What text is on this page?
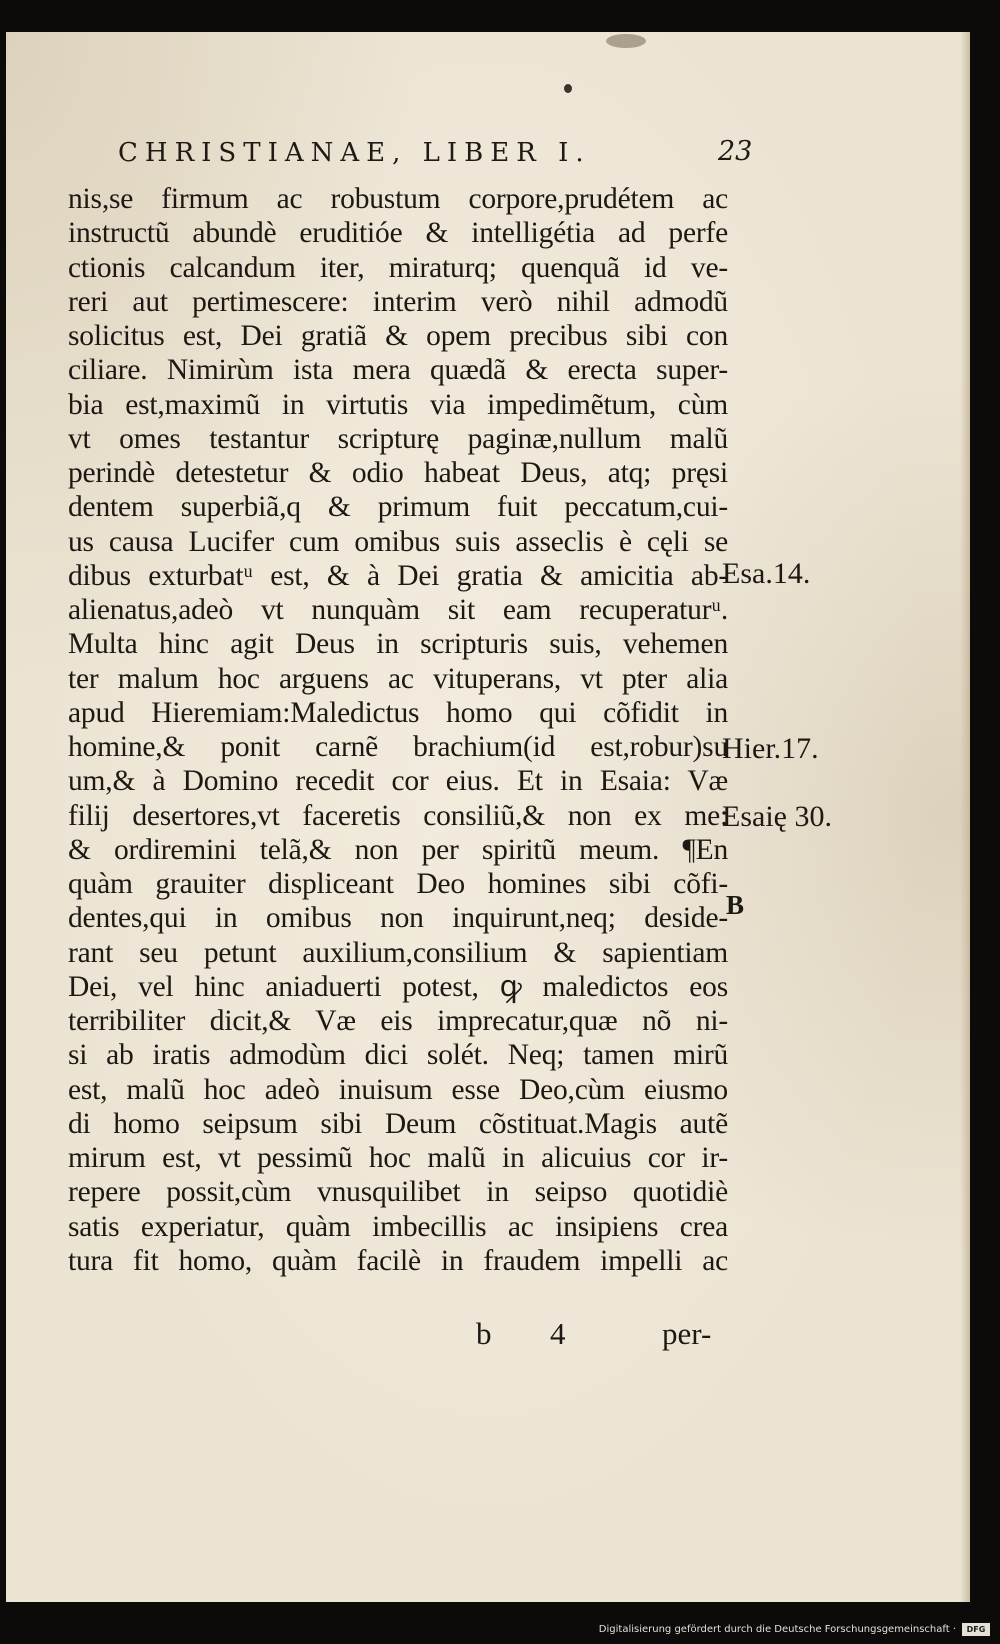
CHRISTIANAE, LIBER I.	23
nis,se firmum ac robustum corpore,prudétem ac
instructũ abundè eruditióe & intelligétia ad perfe
ctionis calcandum iter, miraturq; quenquã id ve-
reri aut pertimescere: interim verò nihil admodũ
solicitus est, Dei gratiã & opem precibus sibi con
ciliare. Nimirùm ista mera quædã & erecta super-
bia est,maximũ in virtutis via impedimẽtum, cùm
vt omes testantur scripturę paginæ,nullum malũ
perindè detestetur & odio habeat Deus, atq; pręsi
dentem superbiã,q & primum fuit peccatum,cui-
us causa Lucifer cum omibus suis asseclis è cęli se
dibus exturbatᵘ est, & à Dei gratia & amicitia ab-
alienatus,adeò vt nunquàm sit eam recuperaturᵘ.
Multa hinc agit Deus in scripturis suis, vehemen
ter malum hoc arguens ac vituperans, vt pter alia
apud Hieremiam:Maledictus homo qui cõfidit in
homine,& ponit carnẽ brachium(id est,robur)su
um,& à Domino recedit cor eius. Et in Esaia: Væ
filij desertores,vt faceretis consiliũ,& non ex me:
& ordiremini telã,& non per spiritũ meum. ¶En
quàm grauiter displiceant Deo homines sibi cõfi-
dentes,qui in omibus non inquirunt,neq; deside-
rant seu petunt auxilium,consilium & sapientiam
Dei, vel hinc aniaduerti potest, ꝙ maledictos eos
terribiliter dicit,& Væ eis imprecatur,quæ nõ ni-
si ab iratis admodùm dici solét. Neq; tamen mirũ
est, malũ hoc adeò inuisum esse Deo,cùm eiusmo
di homo seipsum sibi Deum cõstituat.Magis autẽ
mirum est, vt pessimũ hoc malũ in alicuius cor ir-
repere possit,cùm vnusquilibet in seipso quotidiè
satis experiatur, quàm imbecillis ac insipiens crea
tura fit homo, quàm facilè in fraudem impelli ac
Esa.14.
Hier.17.
Esaię 30.
B
b 4	per-
Digitalisierung gefördert durch die Deutsche Forschungsgemeinschaft ·	DFG
